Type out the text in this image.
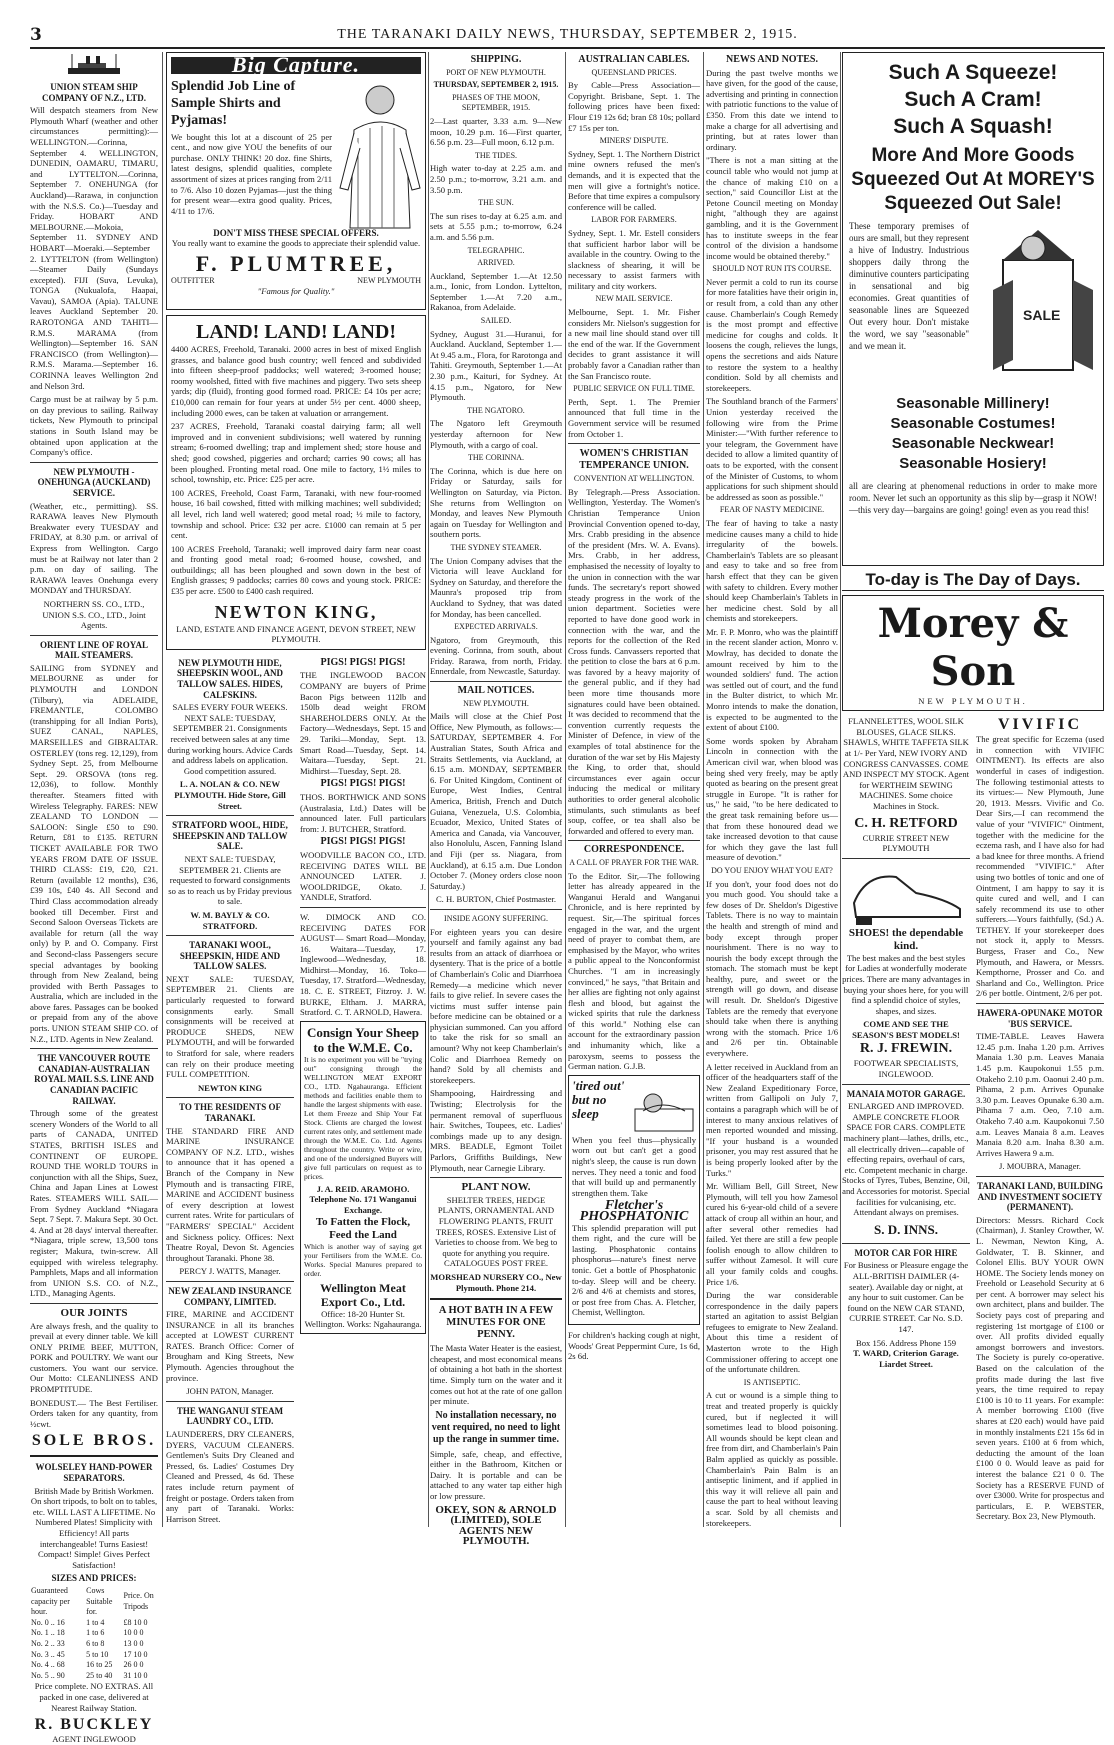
3	THE TARANAKI DAILY NEWS, THURSDAY, SEPTEMBER 2, 1915.
UNION STEAM SHIP COMPANY OF N.Z., LTD.

Will despatch steamers from New Plymouth Wharf (weather and other circumstances permitting):— WELLINGTON.—Corinna, September 4. WELLINGTON, DUNEDIN, OAMARU, TIMARU, and LYTTELTON.—Corinna, September 7. ONEHUNGA (for Auckland)—Rarawa, in conjunction with the N.S.S. Co.)—Tuesday and Friday. HOBART AND MELBOURNE.—Mokoia, September 11. SYDNEY AND HOBART—Moeraki.—September 2. LYTTELTON (from Wellington)—Steamer Daily (Sundays excepted). FIJI (Suva, Levuka), TONGA (Nukualofa, Haapai, Vavau), SAMOA (Apia). TALUNE leaves Auckland September 20. RAROTONGA AND TAHITI—R.M.S. MARAMA (from Wellington)—September 16. SAN FRANCISCO (from Wellington)—R.M.S. Marama.—September 16. CORINNA leaves Wellington 2nd and Nelson 3rd.

Cargo must be at railway by 5 p.m. on day previous to sailing. Railway tickets, New Plymouth to principal stations in South Island may be obtained upon application at the Company's office.

NEW PLYMOUTH - ONEHUNGA (AUCKLAND) SERVICE.

(Weather, etc., permitting). SS. RARAWA leaves New Plymouth Breakwater every TUESDAY and FRIDAY, at 8.30 p.m. or arrival of Express from Wellington. Cargo must be at Railway not later than 2 p.m. on day of sailing. The RARAWA leaves Onehunga every MONDAY and THURSDAY.

NORTHERN SS. CO., LTD., UNION S.S. CO., LTD., Joint Agents.

ORIENT LINE OF ROYAL MAIL STEAMERS.

SAILING from SYDNEY and MELBOURNE as under for PLYMOUTH and LONDON (Tilbury), via ADELAIDE, FREMANTLE, COLOMBO (transhipping for all Indian Ports), SUEZ CANAL, NAPLES, MARSEILLES and GIBRALTAR. OSTERLEY (tons reg. 12,129), from Sydney Sept. 25, from Melbourne Sept. 29. ORSOVA (tons reg. 12,036), to follow. Monthly thereafter. Steamers fitted with Wireless Telegraphy. FARES: NEW ZEALAND TO LONDON —SALOON: Single £50 to £90. Return, £81 to £135. RETURN TICKET AVAILABLE FOR TWO YEARS FROM DATE OF ISSUE. THIRD CLASS: £19, £20, £21. Return (available 12 months), £36, £39 10s, £40 4s. All Second and Third Class accommodation already booked till December. First and Second Saloon Overseas Tickets are available for return (all the way only) by P. and O. Company. First and Second-class Passengers secure special advantages by booking through from New Zealand, being provided with Berth Passages to Australia, which are included in the above fares. Passages can be booked or prepaid from any of the above ports. UNION STEAM SHIP CO. of N.Z., LTD. Agents in New Zealand.

THE VANCOUVER ROUTE CANADIAN-AUSTRALIAN ROYAL MAIL S.S. LINE AND CANADIAN PACIFIC RAILWAY.

Through some of the greatest scenery Wonders of the World to all parts of CANADA, UNITED STATES, BRITISH ISLES and CONTINENT OF EUROPE. ROUND THE WORLD TOURS in conjunction with all the Ships, Suez, China and Japan Lines at Lowest Rates. STEAMERS WILL SAIL— From Sydney Auckland *Niagara Sept. 7 Sept. 7. Makura Sept. 30 Oct. 4. And at 28 days' interval thereafter. *Niagara, triple screw, 13,500 tons register; Makura, twin-screw. All equipped with wireless telegraphy. Pamphlets, Maps and all information from UNION S.S. CO. of N.Z., LTD., Managing Agents.

OUR JOINTS

Are always fresh, and the quality to prevail at every dinner table. We kill ONLY PRIME BEEF, MUTTON, PORK and POULTRY. We want our customers. You want our service. Our Motto: CLEANLINESS AND PROMPTITUDE.

BONEDUST.— The Best Fertiliser. Orders taken for any quantity, from ½cwt.

SOLE BROS.
WOLSELEY HAND-POWER SEPARATORS.

British Made by British Workmen. On short tripods, to bolt on to tables, etc. WILL LAST A LIFETIME. No Numbered Plates! Simplicity with Efficiency! All parts interchangeable! Turns Easiest! Compact! Simple! Gives Perfect Satisfaction!

SIZES AND PRICES:
Guaranteed capacity per hour.	Cows Suitable for.	Price. On Tripods
No. 0 .. 16	1 to 4	£8 10 0
No. 1 .. 18	1 to 6	10 0 0
No. 2 .. 33	6 to 8	13 0 0
No. 3 .. 45	5 to 10	17 10 0
No. 4 .. 68	16 to 25	26 0 0
No. 5 .. 90	25 to 40	31 10 0

Price complete. NO EXTRAS. All packed in one case, delivered at Nearest Railway Station.

R. BUCKLEY
AGENT INGLEWOOD
Big Capture.
Splendid Job Line of Sample Shirts and Pyjamas!

We bought this lot at a discount of 25 per cent., and now give YOU the benefits of our purchase. ONLY THINK! 20 doz. fine Shirts, latest designs, splendid qualities, complete assortment of sizes at prices ranging from 2/11 to 7/6. Also 10 dozen Pyjamas—just the thing for present wear—extra good quality. Prices, 4/11 to 17/6.

DON'T MISS THESE SPECIAL OFFERS.

You really want to examine the goods to appreciate their splendid value.

F. PLUMTREE,
OUTFITTER	NEW PLYMOUTH
"Famous for Quality."
LAND! LAND! LAND!

4400 ACRES, Freehold, Taranaki. 2000 acres in best of mixed English grasses, and balance good bush country; well fenced and subdivided into fifteen sheep-proof paddocks; well watered; 3-roomed house; roomy woolshed, fitted with five machines and piggery. Two sets sheep yards; dip (fluid), fronting good formed road. PRICE: £4 10s per acre; £10,000 can remain for four years at under 5½ per cent. 4000 sheep, including 2000 ewes, can be taken at valuation or arrangement.

237 ACRES, Freehold, Taranaki coastal dairying farm; all well improved and in convenient subdivisions; well watered by running stream; 6-roomed dwelling; trap and implement shed; store house and shed; good cowshed, piggeries and orchard; carries 90 cows; all has been ploughed. Fronting metal road. One mile to factory, 1½ miles to school, township, etc. Price: £25 per acre.

100 ACRES, Freehold, Coast Farm, Taranaki, with new four-roomed house, 16 bail cowshed, fitted with milking machines; well subdivided; all level, rich land well watered; good metal road; ½ mile to factory, township and school. Price: £32 per acre. £1000 can remain at 5 per cent.

100 ACRES Freehold, Taranaki; well improved dairy farm near coast and fronting good metal road; 6-roomed house, cowshed, and outbuildings; all has been ploughed and sown down in the best of English grasses; 9 paddocks; carries 80 cows and young stock. PRICE: £35 per acre. £500 to £400 cash required.

NEWTON KING,
LAND, ESTATE AND FINANCE AGENT, DEVON STREET, NEW PLYMOUTH.
NEW PLYMOUTH HIDE, SHEEPSKIN WOOL, AND TALLOW SALES. HIDES, CALFSKINS.

SALES EVERY FOUR WEEKS. NEXT SALE: TUESDAY, SEPTEMBER 21. Consignments received between sales at any time during working hours. Advice Cards and address labels on application. Good competition assured.

L. A. NOLAN & CO. NEW PLYMOUTH. Hide Store, Gill Street.
STRATFORD WOOL, HIDE, SHEEPSKIN AND TALLOW SALE.

NEXT SALE: TUESDAY, SEPTEMBER 21. Clients are requested to forward consignments so as to reach us by Friday previous to sale.

W. M. BAYLY & CO. STRATFORD.
TARANAKI WOOL, SHEEPSKIN, HIDE AND TALLOW SALES.

NEXT SALE: TUESDAY, SEPTEMBER 21. Clients are particularly requested to forward consignments early. Small consignments will be received at PRODUCE SHEDS, NEW PLYMOUTH, and will be forwarded to Stratford for sale, where readers can rely on their produce meeting FULL COMPETITION.

NEWTON KING
TO THE RESIDENTS OF TARANAKI.

THE STANDARD FIRE AND MARINE INSURANCE COMPANY OF N.Z. LTD., wishes to announce that it has opened a Branch of the Company in New Plymouth and is transacting FIRE, MARINE and ACCIDENT business of every description at lowest current rates. Write for particulars of "FARMERS' SPECIAL" Accident and Sickness policy. Offices: Next Theatre Royal, Devon St. Agencies throughout Taranaki. Phone 38.

PERCY J. WATTS, Manager.
NEW ZEALAND INSURANCE COMPANY, LIMITED.

FIRE, MARINE and ACCIDENT INSURANCE in all its branches accepted at LOWEST CURRENT RATES. Branch Office: Corner of Brougham and King Streets, New Plymouth. Agencies throughout the province.

JOHN PATON, Manager.
THE WANGANUI STEAM LAUNDRY CO., LTD.

LAUNDERERS, DRY CLEANERS, DYERS, VACUUM CLEANERS. Gentlemen's Suits Dry Cleaned and Pressed, 6s. Ladies' Costumes Dry Cleaned and Pressed, 4s 6d. These rates include return payment of freight or postage. Orders taken from any part of Taranaki. Works: Harrison Street.

PIGS! PIGS! PIGS!

THE INGLEWOOD BACON COMPANY are buyers of Prime Bacon Pigs between 112lb and 150lb dead weight FROM SHAREHOLDERS ONLY. At the Factory—Wednesdays, Sept. 15 and 29. Tariki—Monday, Sept. 13. Smart Road—Tuesday, Sept. 14. Waitara—Tuesday, Sept. 21. Midhirst—Tuesday, Sept. 28.

PIGS! PIGS! PIGS!

THOS. BORTHWICK AND SONS (Australasia, Ltd.) Dates will be announced later. Full particulars from: J. BUTCHER, Stratford.

PIGS! PIGS! PIGS!

WOODVILLE BACON CO., LTD. RECEIVING DATES WILL BE ANNOUNCED LATER. J. WOOLDRIDGE, Okato. J. YANDLE, Stratford.

W. DIMOCK AND CO. RECEIVING DATES FOR AUGUST— Smart Road—Monday, 16. Waitara—Tuesday, 17. Inglewood—Wednesday, 18. Midhirst—Monday, 16. Toko—Tuesday, 17. Stratford—Wednesday, 18. C. E. STREET, Fitzroy. J. W. BURKE, Eltham. J. MARRA, Stratford. C. T. ARNOLD, Hawera.

Consign Your Sheep to the W.M.E. Co.

It is no experiment you will be "trying out" consigning through the WELLINGTON MEAT EXPORT CO., LTD. Ngahauranga. Efficient methods and facilities enable them to handle the largest shipments with ease. Let them Freeze and Ship Your Fat Stock. Clients are charged the lowest current rates only, and settlement made through the W.M.E. Co. Ltd. Agents throughout the country. Write or wire, and one of the undersigned Buyers will give full particulars on request as to prices.

J. A. REID. ARAMOHO. Telephone No. 171 Wanganui Exchange.
To Fatten the Flock, Feed the Land

Which is another way of saying get your Fertilisers from the W.M.E. Co. Works. Special Manures prepared to order.

Wellington Meat Export Co., Ltd.
Office: 18-20 Hunter St. Wellington. Works: Ngahauranga.
SHIPPING.
PORT OF NEW PLYMOUTH.
THURSDAY, SEPTEMBER 2, 1915.
PHASES OF THE MOON, SEPTEMBER, 1915.

2—Last quarter, 3.33 a.m. 9—New moon, 10.29 p.m. 16—First quarter, 6.56 p.m. 23—Full moon, 6.12 p.m.

THE TIDES.

High water to-day at 2.25 a.m. and 2.50 p.m.; to-morrow, 3.21 a.m. and 3.50 p.m.

THE SUN.

The sun rises to-day at 6.25 a.m. and sets at 5.55 p.m.; to-morrow, 6.24 a.m. and 5.56 p.m.

TELEGRAPHIC.
ARRIVED.

Auckland, September 1.—At 12.50 a.m., Ionic, from London. Lyttelton, September 1.—At 7.20 a.m., Rakanoa, from Adelaide.

SAILED.

Sydney, August 31.—Huranui, for Auckland. Auckland, September 1.—At 9.45 a.m., Flora, for Rarotonga and Tahiti. Greymouth, September 1.—At 2.30 p.m., Kaituri, for Sydney. At 4.15 p.m., Ngatoro, for New Plymouth.

THE NGATORO.

The Ngatoro left Greymouth yesterday afternoon for New Plymouth, with a cargo of coal.

THE CORINNA.

The Corinna, which is due here on Friday or Saturday, sails for Wellington on Saturday, via Picton. She returns from Wellington on Monday, and leaves New Plymouth again on Tuesday for Wellington and southern ports.

THE SYDNEY STEAMER.

The Union Company advises that the Victoria will leave Auckland for Sydney on Saturday, and therefore the Maunra's proposed trip from Auckland to Sydney, that was dated for Monday, has been cancelled.

EXPECTED ARRIVALS.

Ngatoro, from Greymouth, this evening. Corinna, from south, about Friday. Rarawa, from north, Friday. Ennerdale, from Newcastle, Saturday.

MAIL NOTICES.
NEW PLYMOUTH.

Mails will close at the Chief Post Office, New Plymouth, as follows:— SATURDAY, SEPTEMBER 4. For Australian States, South Africa and Straits Settlements, via Auckland, at 6.15 a.m. MONDAY, SEPTEMBER 6. For United Kingdom, Continent of Europe, West Indies, Central America, British, French and Dutch Guiana, Venezuela, U.S. Colombia, Ecuador, Mexico, United States of America and Canada, via Vancouver, also Honolulu, Ascen, Fanning Island and Fiji (per ss. Niagara, from Auckland), at 6.15 a.m. Due London October 7. (Money orders close noon Saturday.)

C. H. BURTON, Chief Postmaster.
INSIDE AGONY SUFFERING.

For eighteen years you can desire yourself and family against any bad results from an attack of diarrhoea or dysentery. That is the price of a bottle of Chamberlain's Colic and Diarrhoea Remedy—a medicine which never fails to give relief. In severe cases the victims must suffer intense pain before medicine can be obtained or a physician summoned. Can you afford to take the risk for so small an amount? Why not keep Chamberlain's Colic and Diarrhoea Remedy on hand? Sold by all chemists and storekeepers.

Shampooing, Hairdressing and Twisting; Electrolysis for the permanent removal of superfluous hair. Switches, Toupees, etc. Ladies' combings made up to any design. MRS. BEADLE, Egmont Toilet Parlors, Griffiths Buildings, New Plymouth, near Carnegie Library.

PLANT NOW.

SHELTER TREES, HEDGE PLANTS, ORNAMENTAL AND FLOWERING PLANTS, FRUIT TREES, ROSES. Extensive List of Varieties to choose from. We beg to quote for anything you require. CATALOGUES POST FREE.

MORSHEAD NURSERY CO., New Plymouth. Phone 214.
A HOT BATH IN A FEW MINUTES FOR ONE PENNY.

The Masta Water Heater is the easiest, cheapest, and most economical means of obtaining a hot bath in the shortest time. Simply turn on the water and it comes out hot at the rate of one gallon per minute.

No installation necessary, no vent required, no need to light up the range in summer time.

Simple, safe, cheap, and effective, either in the Bathroom, Kitchen or Dairy. It is portable and can be attached to any water tap either high or low pressure.

OKEY, SON & ARNOLD (LIMITED), SOLE AGENTS NEW PLYMOUTH.
AUSTRALIAN CABLES.
QUEENSLAND PRICES.

By Cable—Press Association—Copyright. Brisbane, Sept. 1. The following prices have been fixed: Flour £19 12s 6d; bran £8 10s; pollard £7 15s per ton.

MINERS' DISPUTE.

Sydney, Sept. 1. The Northern District mine owners refused the men's demands, and it is expected that the men will give a fortnight's notice. Before that time expires a compulsory conference will be called.

LABOR FOR FARMERS.

Sydney, Sept. 1. Mr. Estell considers that sufficient harbor labor will be available in the country. Owing to the slackness of shearing, it will be necessary to assist farmers with military and city workers.

NEW MAIL SERVICE.

Melbourne, Sept. 1. Mr. Fisher considers Mr. Nielson's suggestion for a new mail line should stand over till the end of the war. If the Government decides to grant assistance it will probably favor a Canadian rather than the San Francisco route.

PUBLIC SERVICE ON FULL TIME.

Perth, Sept. 1. The Premier announced that full time in the Government service will be resumed from October 1.

WOMEN'S CHRISTIAN TEMPERANCE UNION.
CONVENTION AT WELLINGTON.

By Telegraph.—Press Association. Wellington, Yesterday. The Women's Christian Temperance Union Provincial Convention opened to-day, Mrs. Crabb presiding in the absence of the president (Mrs. W. A. Evans). Mrs. Crabb, in her address, emphasised the necessity of loyalty to the union in connection with the war funds. The secretary's report showed steady progress in the work of the union department. Societies were reported to have done good work in connection with the war, and the reports for the collection of the Red Cross funds. Canvassers reported that the petition to close the bars at 6 p.m. was favored by a heavy majority of the general public, and if they had been more time thousands more signatures could have been obtained. It was decided to recommend that the convention currently requests the Minister of Defence, in view of the examples of total abstinence for the duration of the war set by His Majesty the King, to order that, should circumstances ever again occur inducing the medical or military authorities to order general alcoholic stimulants, such stimulants as beef soup, coffee, or tea shall also be forwarded and offered to every man.

CORRESPONDENCE.
A CALL OF PRAYER FOR THE WAR.

To the Editor. Sir,—The following letter has already appeared in the Wanganui Herald and Wanganui Chronicle, and is here reprinted by request. Sir,—The spiritual forces engaged in the war, and the urgent need of prayer to combat them, are emphasised by the Mayor, who writes a public appeal to the Nonconformist Churches. "I am in increasingly convinced," he says, "that Britain and her allies are fighting not only against flesh and blood, but against the wicked spirits that rule the darkness of this world." Nothing else can account for the extraordinary passion and inhumanity which, like a paroxysm, seems to possess the German nation. G.J.B.

'tired out' but no sleep

When you feel thus—physically worn out but can't get a good night's sleep, the cause is run down nerves. They need a tonic and food that will build up and permanently strengthen them. Take

Fletcher's PHOSPHATONIC

This splendid preparation will put them right, and the cure will be lasting. Phosphatonic contains phosphorus—nature's finest nerve tonic. Get a bottle of Phosphatonic to-day. Sleep will and be cheery. 2/6 and 4/6 at chemists and stores, or post free from Chas. A. Fletcher, Chemist, Wellington.

For children's hacking cough at night, Woods' Great Peppermint Cure, 1s 6d, 2s 6d.

NEWS AND NOTES.

During the past twelve months we have given, for the good of the cause, advertising and printing in connection with patriotic functions to the value of £350. From this date we intend to make a charge for all advertising and printing, but at rates lower than ordinary.

"There is not a man sitting at the council table who would not jump at the chance of making £10 on a section," said Councillor List at the Petone Council meeting on Monday night, "although they are against gambling, and it is the Government has to institute sweeps in the fear control of the division a handsome income would be obtained thereby."

SHOULD NOT RUN ITS COURSE.

Never permit a cold to run its course for more fatalities have their origin in, or result from, a cold than any other cause. Chamberlain's Cough Remedy is the most prompt and effective medicine for coughs and colds. It loosens the cough, relieves the lungs, opens the secretions and aids Nature to restore the system to a healthy condition. Sold by all chemists and storekeepers.

The Southland branch of the Farmers' Union yesterday received the following wire from the Prime Minister:—"With further reference to your telegram, the Government have decided to allow a limited quantity of oats to be exported, with the consent of the Minister of Customs, to whom applications for such shipment should be addressed as soon as possible."

FEAR OF NASTY MEDICINE.

The fear of having to take a nasty medicine causes many a child to hide irregularity of the bowels. Chamberlain's Tablets are so pleasant and easy to take and so free from harsh effect that they can be given with safety to children. Every mother should keep Chamberlain's Tablets in her medicine chest. Sold by all chemists and storekeepers.

Mr. F. P. Monro, who was the plaintiff in the recent slander action, Monro v. Mowlray, has decided to donate the amount received by him to the wounded soldiers' fund. The action was settled out of court, and the fund in the Bulter district, to which Mr. Monro intends to make the donation, is expected to be augmented to the extent of about £100.

Some words spoken by Abraham Lincoln in connection with the American civil war, when blood was being shed very freely, may be aptly quoted as bearing on the present great struggle in Europe. "It is rather for us," he said, "to be here dedicated to the great task remaining before us—that from these honoured dead we take increased devotion to that cause for which they gave the last full measure of devotion."

DO YOU ENJOY WHAT YOU EAT?

If you don't, your food does not do you much good. You should take a few doses of Dr. Sheldon's Digestive Tablets. There is no way to maintain the health and strength of mind and body except through proper nourishment. There is no way to nourish the body except through the stomach. The stomach must be kept healthy, pure, and sweet or the strength will go down, and disease will result. Dr. Sheldon's Digestive Tablets are the remedy that everyone should take when there is anything wrong with the stomach. Price 1/6 and 2/6 per tin. Obtainable everywhere.

A letter received in Auckland from an officer of the headquarters staff of the New Zealand Expeditionary Force, written from Gallipoli on July 7, contains a paragraph which will be of interest to many anxious relatives of men reported wounded and missing. "If your husband is a wounded prisoner, you may rest assured that he is being properly looked after by the Turks."

Mr. William Bell, Gill Street, New Plymouth, will tell you how Zamesol cured his 6-year-old child of a severe attack of croup all within an hour, and after several other remedies had failed. Yet there are still a few people foolish enough to allow children to suffer without Zamesol. It will cure all your family colds and coughs. Price 1/6.

During the war considerable correspondence in the daily papers started an agitation to assist Belgian refugees to emigrate to New Zealand. About this time a resident of Masterton wrote to the High Commissioner offering to accept one of the unfortunate children.

IS ANTISEPTIC.

A cut or wound is a simple thing to treat and treated properly is quickly cured, but if neglected it will sometimes lead to blood poisoning. All wounds should be kept clean and free from dirt, and Chamberlain's Pain Balm applied as quickly as possible. Chamberlain's Pain Balm is an antiseptic liniment, and if applied in this way it will relieve all pain and cause the part to heal without leaving a scar. Sold by all chemists and storekeepers.

Such A Squeeze!
Such A Cram!
Such A Squash!
More And More Goods Squeezed Out At MOREY'S Squeezed Out Sale!

These temporary premises of ours are small, but they represent a hive of Industry. Industrious shoppers daily throng the diminutive counters participating in sensational and big economies. Great quantities of seasonable lines are Squeezed Out every hour. Don't mistake the word, we say "seasonable" and we mean it.

SALE
Seasonable Millinery!
Seasonable Costumes!
Seasonable Neckwear!
Seasonable Hosiery!

all are clearing at phenomenal reductions in order to make more room. Never let such an opportunity as this slip by—grasp it NOW!—this very day—bargains are going! going! even as you read this!

To-day is The Day of Days.
Morey & Son
NEW PLYMOUTH.

FLANNELETTES, WOOL SILK BLOUSES, GLACE SILKS. SHAWLS, WHITE TAFFETA SILK at 1/- Per Yard, NEW IVORY AND CONGRESS CANVASSES. COME AND INSPECT MY STOCK. Agent for WERTHEIM SEWING MACHINES. Some choice Machines in Stock.

C. H. RETFORD
CURRIE STREET NEW PLYMOUTH
SHOES! the dependable kind.

The best makes and the best styles for Ladies at wonderfully moderate prices. There are many advantages in buying your shoes here, for you will find a splendid choice of styles, shapes, and sizes.

COME AND SEE THE SEASON'S BEST MODELS!
R. J. FREWIN.
FOOTWEAR SPECIALISTS, INGLEWOOD.
MANAIA MOTOR GARAGE.

ENLARGED AND IMPROVED. AMPLE CONCRETE FLOOR SPACE FOR CARS. COMPLETE machinery plant—lathes, drills, etc., all electrically driven—capable of effecting repairs, overhaul of cars, etc. Competent mechanic in charge. Stocks of Tyres, Tubes, Benzine, Oil, and Accessories for motorist. Special facilities for vulcanising, etc. Attendant always on premises.

S. D. INNS.
MOTOR CAR FOR HIRE

For Business or Pleasure engage the ALL-BRITISH DAIMLER (4-seater). Available day or night, at any hour to suit customer. Can be found on the NEW CAR STAND, CURRIE STREET. Car No. S.D. 147.

Box 156. Address Phone 159
T. WARD, Criterion Garage. Liardet Street.
VIVIFIC

The great specific for Eczema (used in connection with VIVIFIC OINTMENT). Its effects are also wonderful in cases of indigestion. The following testimonial attests to its virtues:— New Plymouth, June 20, 1913. Messrs. Vivific and Co. Dear Sirs,—I can recommend the value of your "VIVIFIC" Ointment, together with the medicine for the eczema rash, and I have also for had a bad knee for three months. A friend recommended "VIVIFIC." After using two bottles of tonic and one of Ointment, I am happy to say it is quite cured and well, and I can safely recommend its use to other sufferers.—Yours faithfully, (Sd.) A. TETHEY. If your storekeeper does not stock it, apply to Messrs. Burgess, Fraser and Co., New Plymouth, and Hawera, or Messrs. Kempthorne, Prosser and Co. and Sharland and Co., Wellington. Price 2/6 per bottle. Ointment, 2/6 per pot.

HAWERA-OPUNAKE MOTOR 'BUS SERVICE.

TIME-TABLE. Leaves Hawera 12.45 p.m. Inaha 1.20 p.m. Arrives Manaia 1.30 p.m. Leaves Manaia 1.45 p.m. Kaupokonui 1.55 p.m. Otakeho 2.10 p.m. Oaonui 2.40 p.m. Pihama, 2 p.m. Arrives Opunake 3.30 p.m. Leaves Opunake 6.30 a.m. Pihama 7 a.m. Oeo, 7.10 a.m. Otakeho 7.40 a.m. Kaupokonui 7.50 a.m. Leaves Manaia 8 a.m. Leaves Manaia 8.20 a.m. Inaha 8.30 a.m. Arrives Hawera 9 a.m.

J. MOUBRA, Manager.
TARANAKI LAND, BUILDING AND INVESTMENT SOCIETY (PERMANENT).

Directors: Messrs. Richard Cock (Chairman), J. Stanley Crowther, W. L. Newman, Newton King, A. Goldwater, T. B. Skinner, and Colonel Ellis. BUY YOUR OWN HOME. The Society lends money on Freehold or Leasehold Security at 6 per cent. A borrower may select his own architect, plans and builder. The Society pays cost of preparing and registering 1st mortgage of £100 or over. All profits divided equally amongst borrowers and investors. The Society is purely co-operative. Based on the calculation of the profits made during the last five years, the time required to repay £100 is 10 to 11 years. For example: A member borrowing £100 (five shares at £20 each) would have paid in monthly instalments £21 15s 6d in seven years. £100 at 6 from which, deducting the amount of the loan £100 0 0. Would leave as paid for interest the balance £21 0 0. The Society has a RESERVE FUND of over £3000. Write for prospectus and particulars, E. P. WEBSTER, Secretary. Box 23, New Plymouth.
